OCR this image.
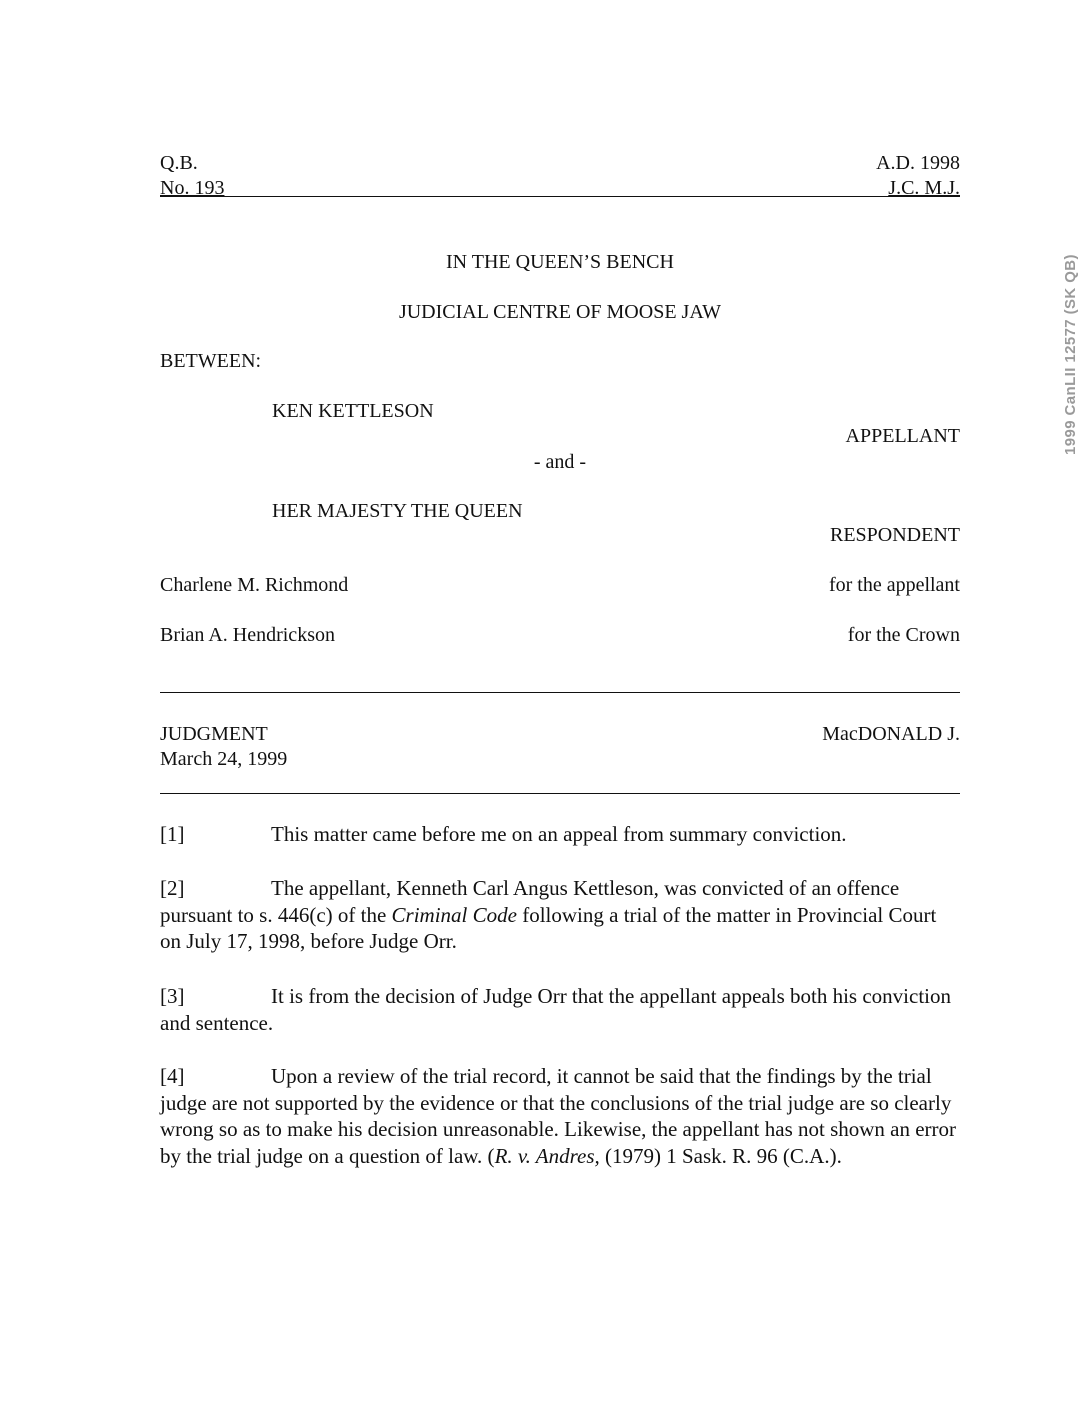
Q.B.	A.D. 1998
No. 193	J.C. M.J.
IN THE QUEEN’S BENCH
JUDICIAL CENTRE OF MOOSE JAW
BETWEEN:
KEN KETTLESON
APPELLANT
- and -
HER MAJESTY THE QUEEN
RESPONDENT
Charlene M. Richmond	for the appellant
Brian A. Hendrickson	for the Crown
JUDGMENT	MacDONALD J.
March 24, 1999
[1]	This matter came before me on an appeal from summary conviction.
[2]	The appellant, Kenneth Carl Angus Kettleson, was convicted of an offence pursuant to s. 446(c) of the Criminal Code following a trial of the matter in Provincial Court on July 17, 1998, before Judge Orr.
[3]	It is from the decision of Judge Orr that the appellant appeals both his conviction and sentence.
[4]	Upon a review of the trial record, it cannot be said that the findings by the trial judge are not supported by the evidence or that the conclusions of the trial judge are so clearly wrong so as to make his decision unreasonable. Likewise, the appellant has not shown an error by the trial judge on a question of law. (R. v. Andres, (1979) 1 Sask. R. 96 (C.A.).
1999 CanLII 12577 (SK QB)
